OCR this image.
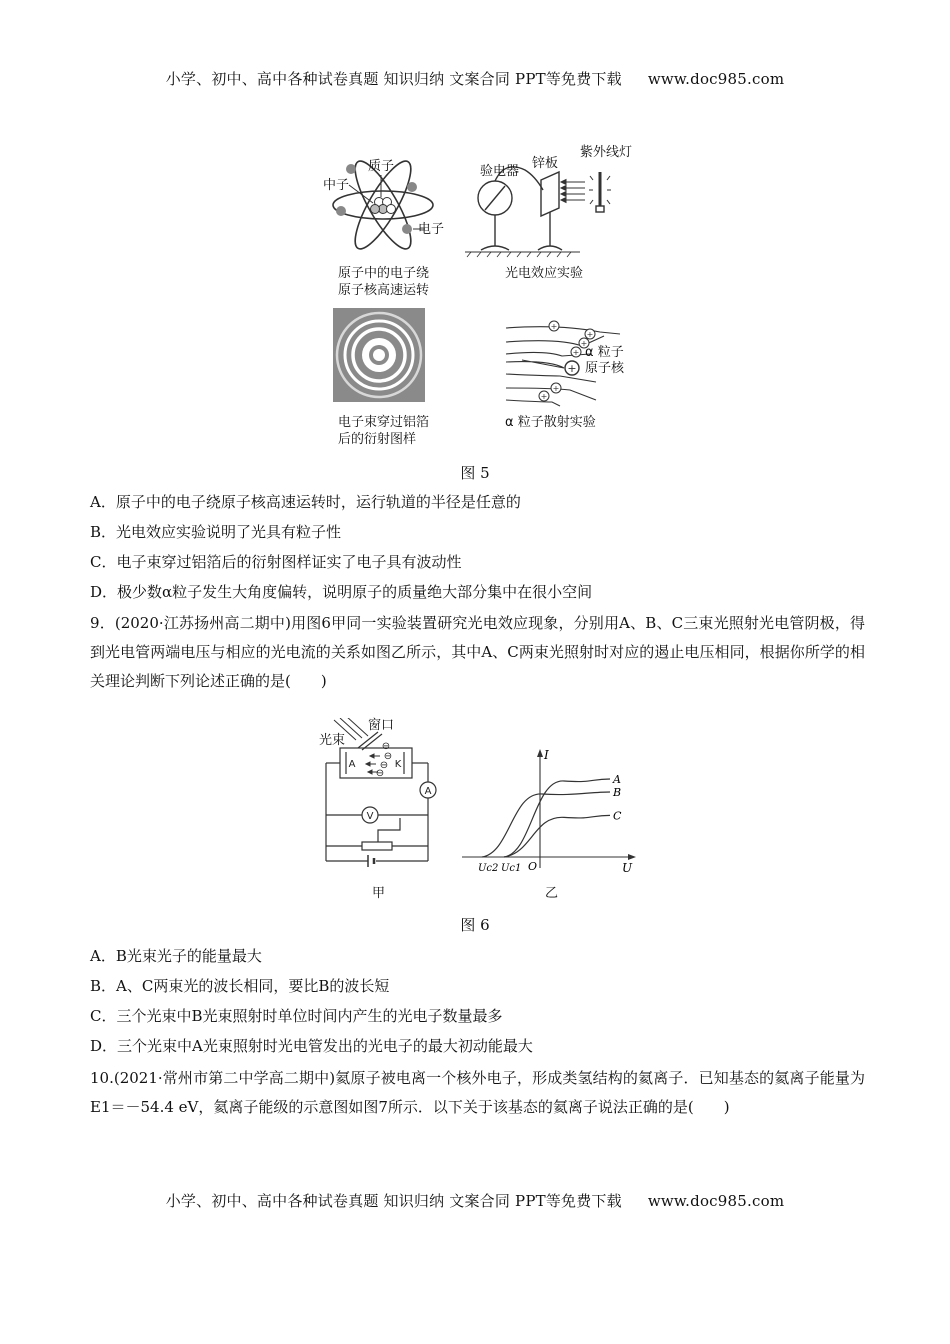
小学、初中、高中各种试卷真题 知识归纳 文案合同 PPT等免费下载 www.doc985.com
质子
中子
电子
原子中的电子绕
原子核高速运转
验电器
锌板
紫外线灯
光电效应实验
电子束穿过铝箔
后的衍射图样
+
+
+
+
+
+
+
α 粒子
原子核
α 粒子散射实验
图 5
A．原子中的电子绕原子核高速运转时，运行轨道的半径是任意的
B．光电效应实验说明了光具有粒子性
C．电子束穿过铝箔后的衍射图样证实了电子具有波动性
D．极少数α粒子发生大角度偏转，说明原子的质量绝大部分集中在很小空间
9．(2020·江苏扬州高二期中)用图6甲同一实验装置研究光电效应现象，分别用A、B、C三束光照射光电管阴极，得到光电管两端电压与相应的光电流的关系如图乙所示，其中A、C两束光照射时对应的遏止电压相同，根据你所学的相关理论判断下列论述正确的是(　　)
⊖
⊖
⊖
⊖
A	K
A
V
光束
窗口
甲
I
U
O
A
B
C
Uc2 Uc1
乙
图 6
A．B光束光子的能量最大
B．A、C两束光的波长相同，要比B的波长短
C．三个光束中B光束照射时单位时间内产生的光电子数量最多
D．三个光束中A光束照射时光电管发出的光电子的最大初动能最大
10.(2021·常州市第二中学高二期中)氦原子被电离一个核外电子，形成类氢结构的氦离子．已知基态的氦离子能量为E1＝－54.4 eV，氦离子能级的示意图如图7所示．以下关于该基态的氦离子说法正确的是(　　)
小学、初中、高中各种试卷真题 知识归纳 文案合同 PPT等免费下载 www.doc985.com
